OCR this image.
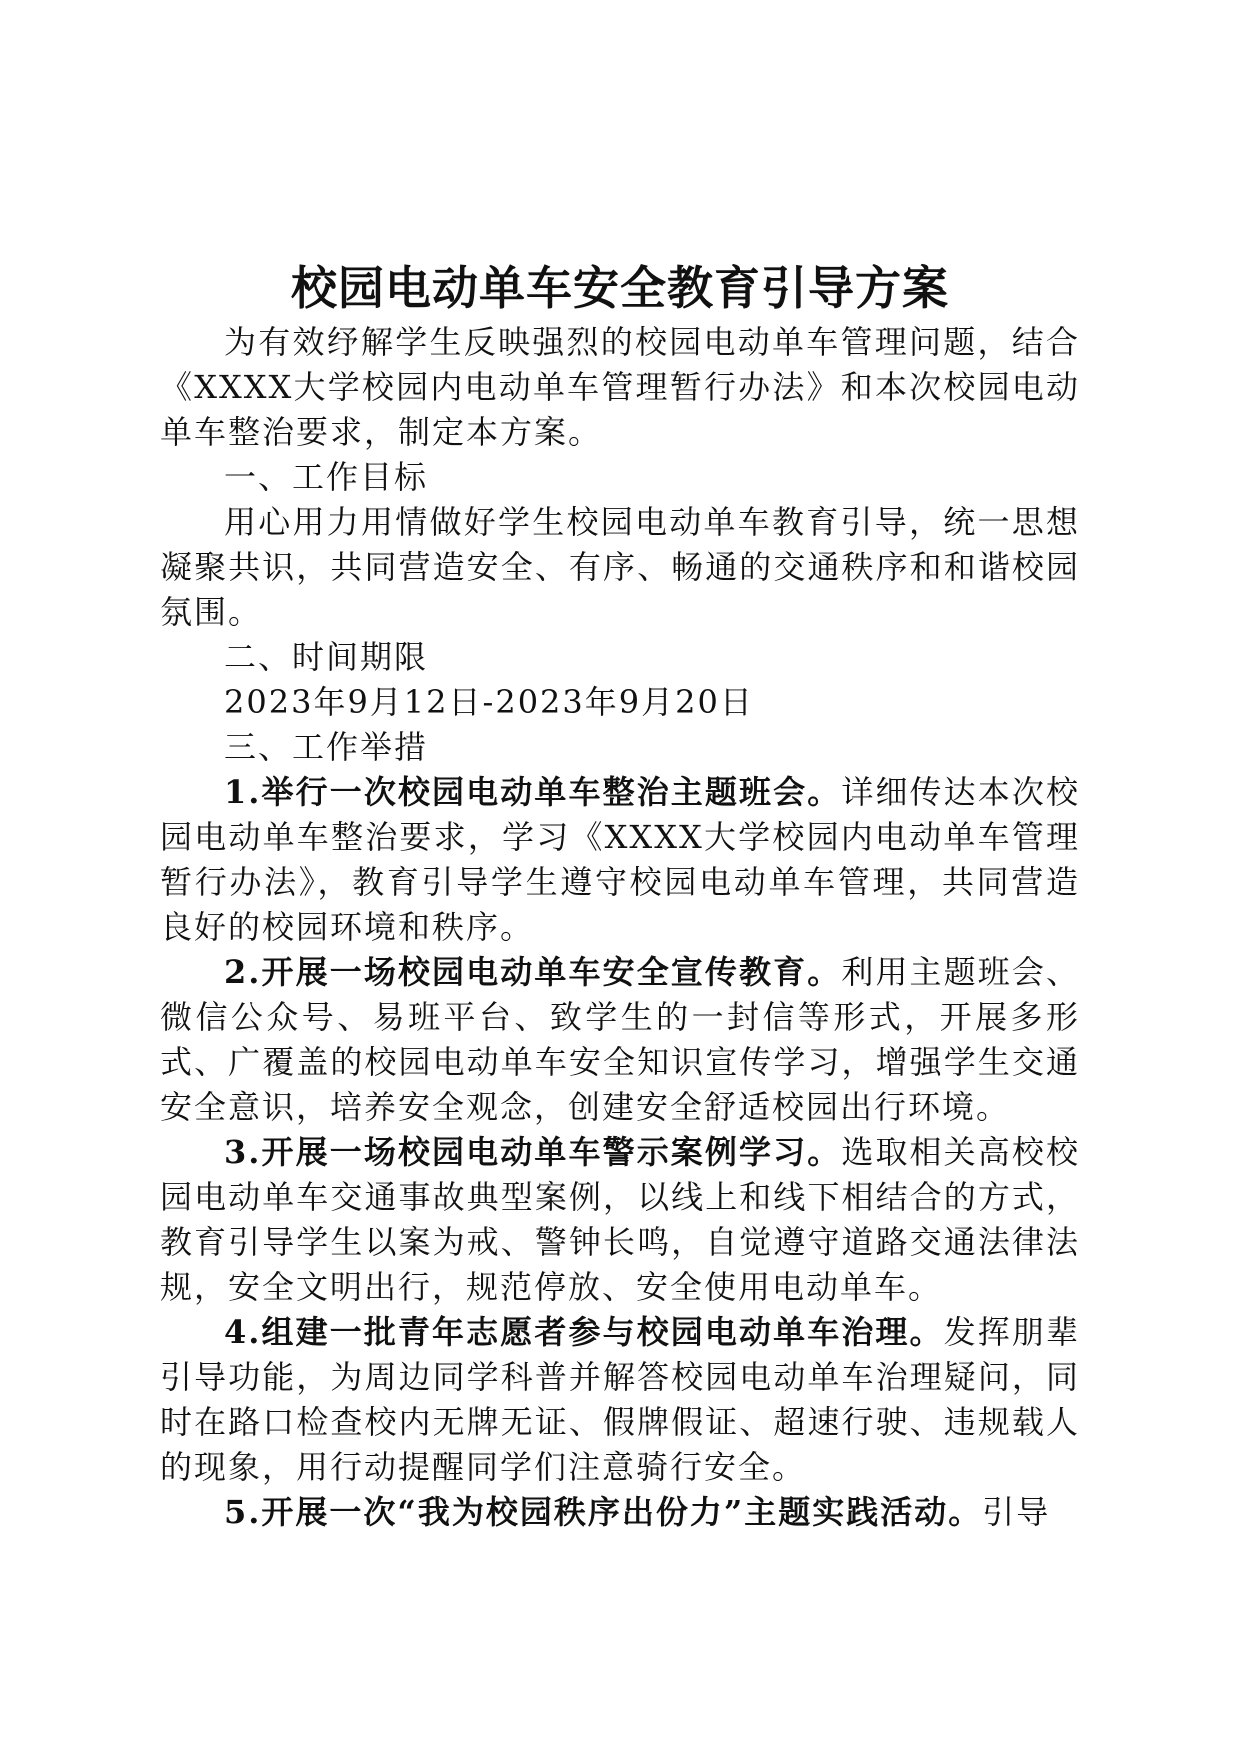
校园电动单车安全教育引导方案

为有效纾解学生反映强烈的校园电动单车管理问题，结合《XXXX大学校园内电动单车管理暂行办法》和本次校园电动单车整治要求，制定本方案。

一、工作目标

用心用力用情做好学生校园电动单车教育引导，统一思想凝聚共识，共同营造安全、有序、畅通的交通秩序和和谐校园氛围。

二、时间期限

2023年9月12日-2023年9月20日

三、工作举措

1.举行一次校园电动单车整治主题班会。详细传达本次校园电动单车整治要求，学习《XXXX大学校园内电动单车管理暂行办法》，教育引导学生遵守校园电动单车管理，共同营造良好的校园环境和秩序。

2.开展一场校园电动单车安全宣传教育。利用主题班会、微信公众号、易班平台、致学生的一封信等形式，开展多形式、广覆盖的校园电动单车安全知识宣传学习，增强学生交通安全意识，培养安全观念，创建安全舒适校园出行环境。

3.开展一场校园电动单车警示案例学习。选取相关高校校园电动单车交通事故典型案例，以线上和线下相结合的方式，教育引导学生以案为戒、警钟长鸣，自觉遵守道路交通法律法规，安全文明出行，规范停放、安全使用电动单车。

4.组建一批青年志愿者参与校园电动单车治理。发挥朋辈引导功能，为周边同学科普并解答校园电动单车治理疑问，同时在路口检查校内无牌无证、假牌假证、超速行驶、违规载人的现象，用行动提醒同学们注意骑行安全。

5.开展一次“我为校园秩序出份力”主题实践活动。引导
